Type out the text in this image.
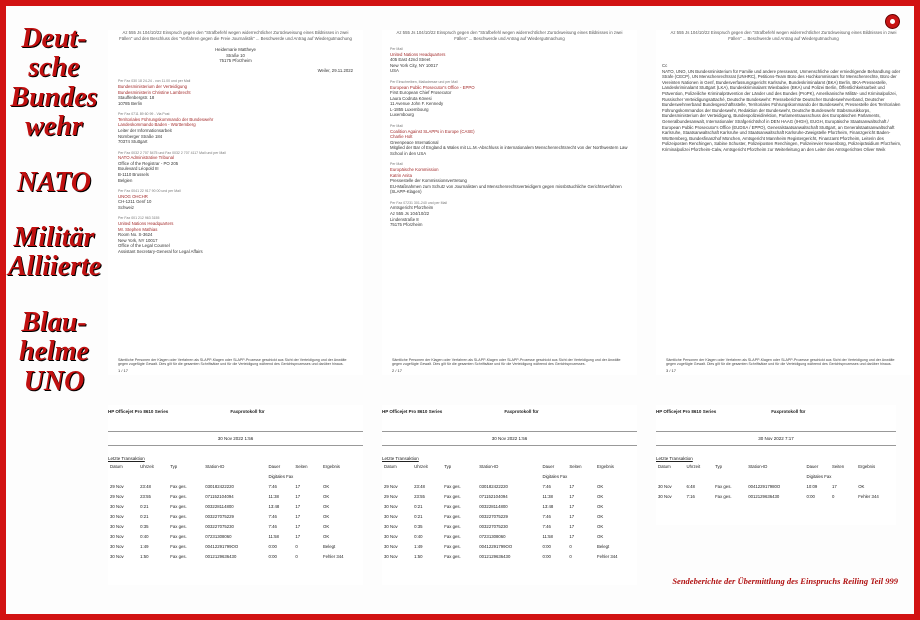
Deut-
sche
Bundes
wehr
NATO
Militär
Alliierte
Blau-
helme
UNO
Az 555 Js 104/10/22 Einspruch gegen den "Strafbefehl wegen widerrechtlicher Zurückweisung eines Bildnisses in zwei Fällen" und den Beschluss des "Verfahren gegen die Freie Journalistik" ... Beschwerde und Antrag auf Wiedergutmachung
Heidemarie Mattheye
Straße 10
75175 Pforzheim
Weiler, 29.11.2022
Per Fax 030 18 24-24 - von 11.00 und per Mail
Bundesministerium der Verteidigung
Bundesministerin Christine Lambrecht
Stauffenbergstr. 18
10785 Berlin
Per Fax 0711 89 60 99 - Via Post
Territoriales Führungskommando der Bundeswehr
Landeskommando Baden - Württemberg
Leiter der Informationsarbeit
Nürnberger Straße 184
70374 Stuttgart
Per Fax 0032 2 707 5475 und Fax 0032 2 707 4117 Mail und per Mail
NATO Administrative Tribunal
Office of the Registrar - PO 205
Boulevard Léopold III
B-1110 Brussels
Belgien
Per Fax 0041 22 917 90 00 und per Mail
UNOG OHCHR
CH-1211 Genf 10
Schweiz
Per Fax 001 212 963 3155
United Nations Headquarters
Mr. Stephen Mathias
Room No. S-3624
New York, NY 10017
Office of the Legal Counsel
Assistant Secretary-General for Legal Affairs
Sämtliche Personen der Klagen oder Verfahren als SLAPP-Klagen oder SLAPP-Prozesse geschickt aus Sicht der Verteidigung und der Anwälte gegen zugefügte Gewalt. Dies gilt für die gesamten Schriftsätze und für die Verteidigung während des Gerichtsprozesses und darüber hinaus.
1 / 17
Az 555 Js 104/10/22 Einspruch gegen den "Strafbefehl wegen widerrechtlicher Zurückweisung eines Bildnisses in zwei Fällen" ... Beschwerde und Antrag auf Wiedergutmachung
Per Mail
United Nations Headquarters
405 East 42nd Street
New York City, NY 10017
USA
Per Einschreiben, Mailadresse und per Mail
European Public Prosecutor's Office - EPPO
First European Chief Prosecutor
Laura Codruta Kövesi
11 Avenue John F. Kennedy
L-1855 Luxembourg
Luxembourg
Per Mail
Coalition Against SLAPPs in Europe (CASE)
Charlie Holt
Greenpeace International
Mitglied der Bar of England & Wales mit LL.M.-Abschluss in internationalem Menschenrechtsrecht von der Northwestern Law School in den USA
Per Mail
Europäische Kommission
Katrin Anita
Pressestelle der Kommissionsvertretung
EU-Maßnahmen zum Schutz von Journalisten und Menschenrechtsverteidigern gegen missbräuchliche Gerichtsverfahren (SLAPP-Klagen)
Per Fax 07231 301-240 und per Mail
Amtsgericht Pforzheim
Az 555 Js 104/10/22
Lindenstraße 8
75175 Pforzheim
Sämtliche Personen der Klagen oder Verfahren als SLAPP-Klagen oder SLAPP-Prozesse geschickt aus Sicht der Verteidigung und der Anwälte gegen zugefügte Gewalt. Dies gilt für die gesamten Schriftsätze und für die Verteidigung während des Gerichtsprozesses.
2 / 17
Az 555 Js 104/10/22 Einspruch gegen den "Strafbefehl wegen widerrechtlicher Zurückweisung eines Bildnisses in zwei Fällen" ... Beschwerde und Antrag auf Wiedergutmachung
Cc
NATO, UNO, UN Bundesministerium für Familie und andere presseamt, Unmenschliche oder erniedrigende Behandlung oder Strafe (CECP), UN Menschenrechtsrat (UNHRC), Petitions-Team Büro des Hochkommissars für Menschenrechte, Büro der Vereinten Nationen in Genf, Bundesverfassungsgericht Karlsruhe, Bundeskriminalamt (BKA) Berlin, BKA-Pressestelle, Landeskriminalamt Stuttgart (LKA), Bundeskriminalamt Wiesbaden (BKA) und Polizei Berlin, Öffentlichkeitsarbeit und Prävention, Polizeiliche Kriminalprävention der Länder und des Bundes (ProPK), Amerikanische Militär- und Kriminalpolizei, Russischer Verteidigungsattaché, Deutsche Bundeswehr: Presseberichte Deutscher Bundeswehrverband, Deutscher Bundeswehrverband Bundesgeschäftsstelle, Territoriales Führungskommando der Bundeswehr, Pressestelle des Territorialen Führungskommandos der Bundeswehr, Redaktion der Bundeswehr, Deutsche Bundeswehr Stabsmusikkorps, Bundesministerium der Verteidigung, Bundespolizeidirektion, Parlamentsausschuss des Europäischen Parlaments, Generalbundesanwalt, Internationaler Strafgerichtshof in DEN HAAG (IHGH), EUGH, Europäische Staatsanwaltschaft / European Public Prosecutor's Office (EUDSA / EPPO), Generalstaatsanwaltschaft Stuttgart, an Generalstaatsanwaltschaft Karlsruhe, Staatsanwaltschaft Karlsruhe und Staatsanwaltschaft Karlsruhe-Zweigstelle Pforzheim, Finanzgericht Baden-Württemberg, Bundesfinanzhof München, Amtsgericht Mannheim Registergericht, Finanzamt Pforzheim, Leiterin des Polizeiposten Renchingen, Sabine Schuster, Polizeiposten Renchingen, Polizeirevier Neuenbürg, Polizeipräsidium Pforzheim, Kriminalpolizei Pforzheim-Calw, Amtsgericht Pforzheim zur Weiterleitung an den Leiter des Amtsgerichtes Oliver Weik
Sämtliche Personen der Klagen oder Verfahren als SLAPP-Klagen oder SLAPP-Prozesse geschickt aus Sicht der Verteidigung und der Anwälte gegen zugefügte Gewalt. Dies gilt für die gesamten Schriftsätze und für die Verteidigung während des Gerichtsprozesses und darüber hinaus.
3 / 17
HP Officejet Pro 8610 Series	Faxprotokoll für
30 Nov 2022 1:56
Letzte Transaktion
Datum	Uhrzeit	Typ	Station-ID	Dauer	Seiten	Ergebnis
				Digitales Fax		
29 Nov	23:48	Fax ges.	030182422220	7:46	17	OK
29 Nov	23:55	Fax ges.	071152104094	11:38	17	OK
30 Nov	0:21	Fax ges.	003228114800	13:48	17	OK
30 Nov	0:21	Fax ges.	003227075229	7:46	17	OK
30 Nov	0:35	Fax ges.	003227075230	7:46	17	OK
30 Nov	0:40	Fax ges.	07231308060	11:58	17	OK
30 Nov	1:49	Fax ges.	00412291799OO	0:00	0	Belegt
30 Nov	1:50	Fax ges.	0012129636430	0:00	0	Fehler 344
HP Officejet Pro 8610 Series	Faxprotokoll für
30 Nov 2022 1:56
Letzte Transaktion
Datum	Uhrzeit	Typ	Station-ID	Dauer	Seiten	Ergebnis
				Digitales Fax		
29 Nov	23:48	Fax ges.	030182422220	7:46	17	OK
29 Nov	23:55	Fax ges.	071152104094	11:38	17	OK
30 Nov	0:21	Fax ges.	003228114800	13:48	17	OK
30 Nov	0:21	Fax ges.	003227075229	7:46	17	OK
30 Nov	0:35	Fax ges.	003227075230	7:46	17	OK
30 Nov	0:40	Fax ges.	07231308060	11:58	17	OK
30 Nov	1:49	Fax ges.	00412291799OO	0:00	0	Belegt
30 Nov	1:50	Fax ges.	0012129636430	0:00	0	Fehler 344
HP Officejet Pro 8610 Series	Faxprotokoll für
30 Nov 2022 7:17
Letzte Transaktion
Datum	Uhrzeit	Typ	Station-ID	Dauer	Seiten	Ergebnis
				Digitales Fax		
30 Nov	6:48	Fax ges.	004122917980O	10:09	17	OK
30 Nov	7:16	Fax ges.	0012129636430	0:00	0	Fehler 344
Sendeberichte der Übermittlung des Einspruchs Reiling Teil 999
